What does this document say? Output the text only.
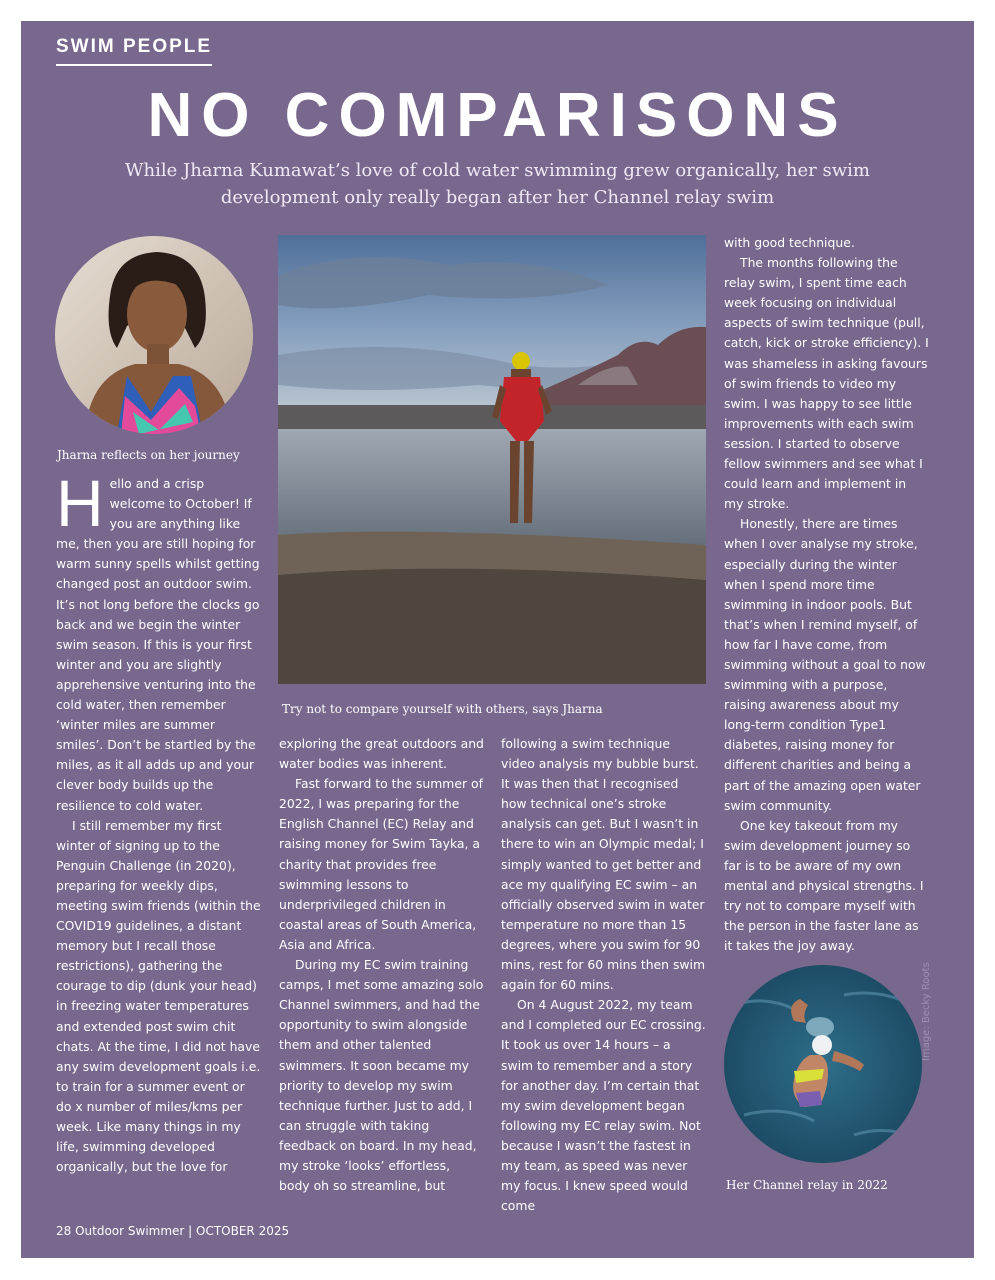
SWIM PEOPLE
NO COMPARISONS
While Jharna Kumawat’s love of cold water swimming grew organically, her swim development only really began after her Channel relay swim
Jharna reflects on her journey
Try not to compare yourself with others, says Jharna

Hello and a crisp welcome to October! If you are anything like me, then you are still hoping for warm sunny spells whilst getting changed post an outdoor swim. It’s not long before the clocks go back and we begin the winter swim season. If this is your first winter and you are slightly apprehensive venturing into the cold water, then remember ‘winter miles are summer smiles’. Don’t be startled by the miles, as it all adds up and your clever body builds up the resilience to cold water.

I still remember my first winter of signing up to the Penguin Challenge (in 2020), preparing for weekly dips, meeting swim friends (within the COVID19 guidelines, a distant memory but I recall those restrictions), gathering the courage to dip (dunk your head) in freezing water temperatures and extended post swim chit chats. At the time, I did not have any swim development goals i.e. to train for a summer event or do x number of miles/kms per week. Like many things in my life, swimming developed organically, but the love for

exploring the great outdoors and water bodies was inherent.

Fast forward to the summer of 2022, I was preparing for the English Channel (EC) Relay and raising money for Swim Tayka, a charity that provides free swimming lessons to underprivileged children in coastal areas of South America, Asia and Africa.

During my EC swim training camps, I met some amazing solo Channel swimmers, and had the opportunity to swim alongside them and other talented swimmers. It soon became my priority to develop my swim technique further. Just to add, I can struggle with taking feedback on board. In my head, my stroke ‘looks’ effortless, body oh so streamline, but

following a swim technique video analysis my bubble burst. It was then that I recognised how technical one’s stroke analysis can get. But I wasn’t in there to win an Olympic medal; I simply wanted to get better and ace my qualifying EC swim – an officially observed swim in water temperature no more than 15 degrees, where you swim for 90 mins, rest for 60 mins then swim again for 60 mins.

On 4 August 2022, my team and I completed our EC crossing. It took us over 14 hours – a swim to remember and a story for another day. I’m certain that my swim development began following my EC relay swim. Not because I wasn’t the fastest in my team, as speed was never my focus. I knew speed would come

with good technique.

The months following the relay swim, I spent time each week focusing on individual aspects of swim technique (pull, catch, kick or stroke efficiency). I was shameless in asking favours of swim friends to video my swim. I was happy to see little improvements with each swim session. I started to observe fellow swimmers and see what I could learn and implement in my stroke.

Honestly, there are times when I over analyse my stroke, especially during the winter when I spend more time swimming in indoor pools. But that’s when I remind myself, of how far I have come, from swimming without a goal to now swimming with a purpose, raising awareness about my long-term condition Type1 diabetes, raising money for different charities and being a part of the amazing open water swim community.

One key takeout from my swim development journey so far is to be aware of my own mental and physical strengths. I try not to compare myself with the person in the faster lane as it takes the joy away.

Her Channel relay in 2022
Image: Becky Roots
28 Outdoor Swimmer | OCTOBER 2025
